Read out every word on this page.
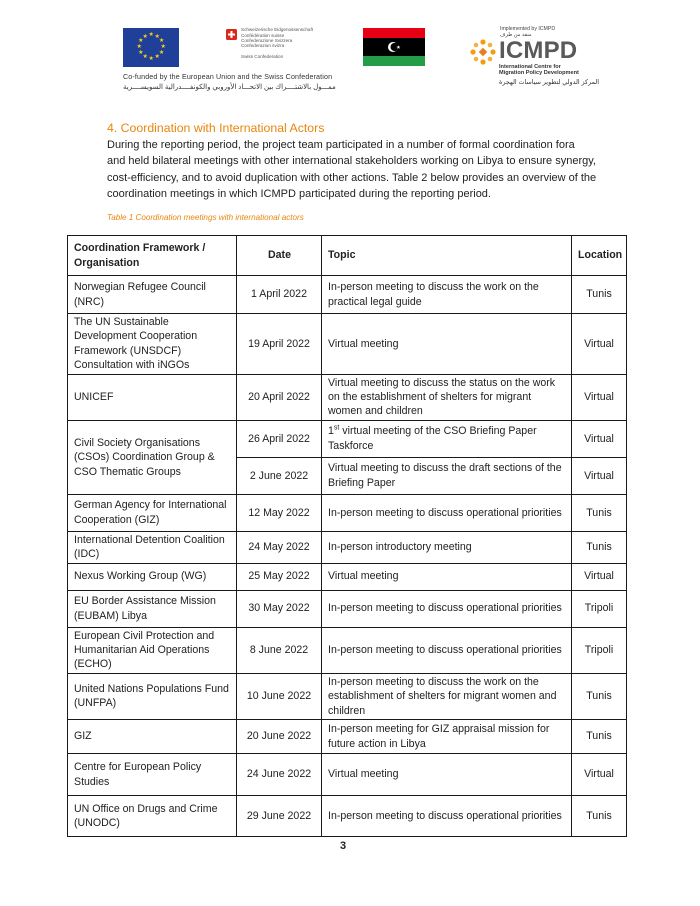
★ ★
★
★
★
★
★
★
★
★
★
★
Schweizerische Eidgenossenschaft
Confédération suisse
Confederazione Svizzera
Confederaziun svizra
Swiss Confederation
Implemented by ICMPD
منفذ من طرف
ICMPD
International Centre for
Migration Policy Development
المركز الدولي لتطوير سياسات الهجرة
Co-funded by the European Union and the Swiss Confederation
ممـــول بالاشتــــراك بين الاتحـــاد الأوروبي والكونفــــدرالية السويســــرية
4. Coordination with International Actors
During the reporting period, the project team participated in a number of formal coordination fora
and held bilateral meetings with other international stakeholders working on Libya to ensure synergy,
cost-efficiency, and to avoid duplication with other actions. Table 2 below provides an overview of the
coordination meetings in which ICMPD participated during the reporting period.
Table 1 Coordination meetings with international actors
Coordination Framework / Organisation	Date	Topic	Location
Norwegian Refugee Council (NRC)	1 April 2022	In-person meeting to discuss the work on the practical legal guide	Tunis
The UN Sustainable Development Cooperation Framework (UNSDCF) Consultation with iNGOs	19 April 2022	Virtual meeting	Virtual
UNICEF	20 April 2022	Virtual meeting to discuss the status on the work on the establishment of shelters for migrant women and children	Virtual
Civil Society Organisations (CSOs) Coordination Group & CSO Thematic Groups	26 April 2022	1st virtual meeting of the CSO Briefing Paper Taskforce	Virtual
	2 June 2022	Virtual meeting to discuss the draft sections of the Briefing Paper	Virtual
German Agency for International Cooperation (GIZ)	12 May 2022	In-person meeting to discuss operational priorities	Tunis
International Detention Coalition (IDC)	24 May 2022	In-person introductory meeting	Tunis
Nexus Working Group (WG)	25 May 2022	Virtual meeting	Virtual
EU Border Assistance Mission (EUBAM) Libya	30 May 2022	In-person meeting to discuss operational priorities	Tripoli
European Civil Protection and Humanitarian Aid Operations (ECHO)	8 June 2022	In-person meeting to discuss operational priorities	Tripoli
United Nations Populations Fund (UNFPA)	10 June 2022	In-person meeting to discuss the work on the establishment of shelters for migrant women and children	Tunis
GIZ	20 June 2022	In-person meeting for GIZ appraisal mission for future action in Libya	Tunis
Centre for European Policy Studies	24 June 2022	Virtual meeting	Virtual
UN Office on Drugs and Crime (UNODC)	29 June 2022	In-person meeting to discuss operational priorities	Tunis
3
